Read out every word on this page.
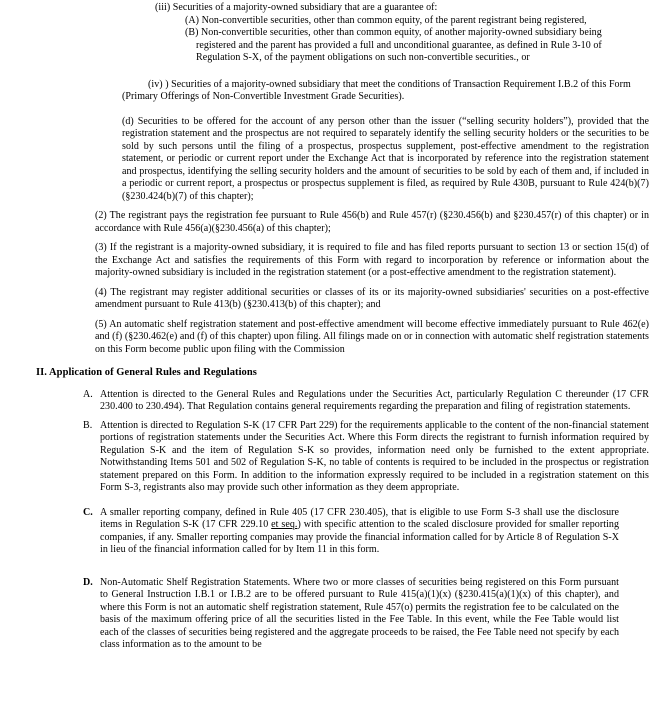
(iii) Securities of a majority-owned subsidiary that are a guarantee of:
(A) Non-convertible securities, other than common equity, of the parent registrant being registered,
(B) Non-convertible securities, other than common equity, of another majority-owned subsidiary being registered and the parent has provided a full and unconditional guarantee, as defined in Rule 3-10 of Regulation S-X, of the payment obligations on such non-convertible securities., or
(iv) ) Securities of a majority-owned subsidiary that meet the conditions of Transaction Requirement I.B.2 of this Form (Primary Offerings of Non-Convertible Investment Grade Securities).
(d) Securities to be offered for the account of any person other than the issuer (“selling security holders”), provided that the registration statement and the prospectus are not required to separately identify the selling security holders or the securities to be sold by such persons until the filing of a prospectus, prospectus supplement, post-effective amendment to the registration statement, or periodic or current report under the Exchange Act that is incorporated by reference into the registration statement and prospectus, identifying the selling security holders and the amount of securities to be sold by each of them and, if included in a periodic or current report, a prospectus or prospectus supplement is filed, as required by Rule 430B, pursuant to Rule 424(b)(7)(§230.424(b)(7) of this chapter);
(2) The registrant pays the registration fee pursuant to Rule 456(b) and Rule 457(r) (§230.456(b) and §230.457(r) of this chapter) or in accordance with Rule 456(a)(§230.456(a) of this chapter);
(3) If the registrant is a majority-owned subsidiary, it is required to file and has filed reports pursuant to section 13 or section 15(d) of the Exchange Act and satisfies the requirements of this Form with regard to incorporation by reference or information about the majority-owned subsidiary is included in the registration statement (or a post-effective amendment to the registration statement).
(4) The registrant may register additional securities or classes of its or its majority-owned subsidiaries' securities on a post-effective amendment pursuant to Rule 413(b) (§230.413(b) of this chapter); and
(5) An automatic shelf registration statement and post-effective amendment will become effective immediately pursuant to Rule 462(e) and (f) (§230.462(e) and (f) of this chapter) upon filing. All filings made on or in connection with automatic shelf registration statements on this Form become public upon filing with the Commission
II. Application of General Rules and Regulations
A. Attention is directed to the General Rules and Regulations under the Securities Act, particularly Regulation C thereunder (17 CFR 230.400 to 230.494). That Regulation contains general requirements regarding the preparation and filing of registration statements.
B. Attention is directed to Regulation S-K (17 CFR Part 229) for the requirements applicable to the content of the non-financial statement portions of registration statements under the Securities Act. Where this Form directs the registrant to furnish information required by Regulation S-K and the item of Regulation S-K so provides, information need only be furnished to the extent appropriate. Notwithstanding Items 501 and 502 of Regulation S-K, no table of contents is required to be included in the prospectus or registration statement prepared on this Form. In addition to the information expressly required to be included in a registration statement on this Form S-3, registrants also may provide such other information as they deem appropriate.
C. A smaller reporting company, defined in Rule 405 (17 CFR 230.405), that is eligible to use Form S-3 shall use the disclosure items in Regulation S-K (17 CFR 229.10 et seq.) with specific attention to the scaled disclosure provided for smaller reporting companies, if any. Smaller reporting companies may provide the financial information called for by Article 8 of Regulation S-X in lieu of the financial information called for by Item 11 in this form.
D. Non-Automatic Shelf Registration Statements. Where two or more classes of securities being registered on this Form pursuant to General Instruction I.B.1 or I.B.2 are to be offered pursuant to Rule 415(a)(1)(x) (§230.415(a)(1)(x) of this chapter), and where this Form is not an automatic shelf registration statement, Rule 457(o) permits the registration fee to be calculated on the basis of the maximum offering price of all the securities listed in the Fee Table. In this event, while the Fee Table would list each of the classes of securities being registered and the aggregate proceeds to be raised, the Fee Table need not specify by each class information as to the amount to be
